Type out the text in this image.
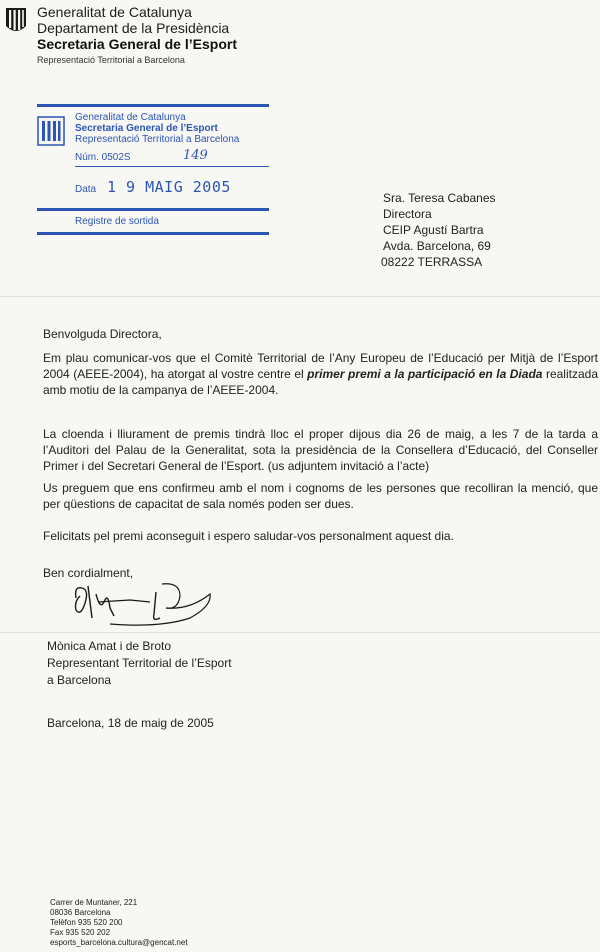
Generalitat de Catalunya
Departament de la Presidència
Secretaria General de l’Esport
Representació Territorial a Barcelona
Generalitat de Catalunya
Secretaria General de l’Esport
Representació Territorial a Barcelona
Núm. 0502S	149
Data 1 9 MAIG 2005
Registre de sortida
Sra. Teresa Cabanes
Directora
CEIP Agustí Bartra
Avda. Barcelona, 69
08222 TERRASSA
Benvolguda Directora,
Em plau comunicar-vos que el Comitè Territorial de l’Any Europeu de l’Educació per Mitjà de l’Esport 2004 (AEEE-2004), ha atorgat al vostre centre el primer premi a la participació en la Diada realitzada amb motiu de la campanya de l’AEEE-2004.
La cloenda i lliurament de premis tindrà lloc el proper dijous dia 26 de maig, a les 7 de la tarda a l’Auditori del Palau de la Generalitat, sota la presidència de la Consellera d’Educació, del Conseller Primer i del Secretari General de l’Esport. (us adjuntem invitació a l’acte)
Us preguem que ens confirmeu amb el nom i cognoms de les persones que recolliran la menció, que per qüestions de capacitat de sala només poden ser dues.
Felicitats pel premi aconseguit i espero saludar-vos personalment aquest dia.
Ben cordialment,
Mònica Amat i de Broto
Representant Territorial de l’Esport
a Barcelona
Barcelona, 18 de maig de 2005
Carrer de Muntaner, 221
08036 Barcelona
Telèfon 935 520 200
Fax 935 520 202
esports_barcelona.cultura@gencat.net
